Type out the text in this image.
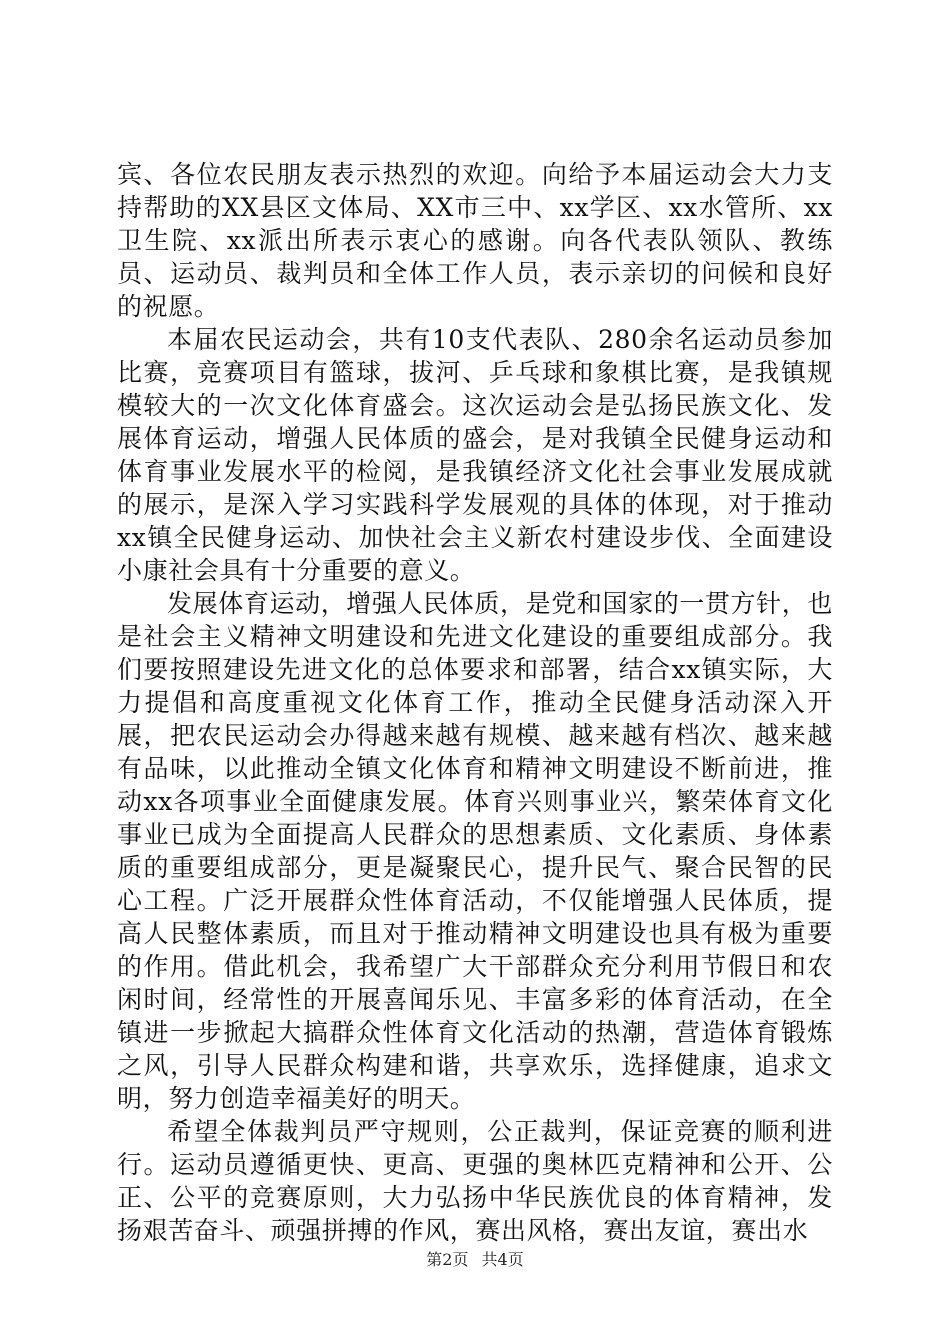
宾、各位农民朋友表示热烈的欢迎。向给予本届运动会大力支持帮助的XX县区文体局、XX市三中、xx学区、xx水管所、xx卫生院、xx派出所表示衷心的感谢。向各代表队领队、教练员、运动员、裁判员和全体工作人员，表示亲切的问候和良好的祝愿。

本届农民运动会，共有10支代表队、280余名运动员参加比赛，竞赛项目有篮球，拔河、乒乓球和象棋比赛，是我镇规模较大的一次文化体育盛会。这次运动会是弘扬民族文化、发展体育运动，增强人民体质的盛会，是对我镇全民健身运动和体育事业发展水平的检阅，是我镇经济文化社会事业发展成就的展示，是深入学习实践科学发展观的具体的体现，对于推动xx镇全民健身运动、加快社会主义新农村建设步伐、全面建设小康社会具有十分重要的意义。

发展体育运动，增强人民体质，是党和国家的一贯方针，也是社会主义精神文明建设和先进文化建设的重要组成部分。我们要按照建设先进文化的总体要求和部署，结合xx镇实际，大力提倡和高度重视文化体育工作，推动全民健身活动深入开展，把农民运动会办得越来越有规模、越来越有档次、越来越有品味，以此推动全镇文化体育和精神文明建设不断前进，推动xx各项事业全面健康发展。体育兴则事业兴，繁荣体育文化事业已成为全面提高人民群众的思想素质、文化素质、身体素质的重要组成部分，更是凝聚民心，提升民气、聚合民智的民心工程。广泛开展群众性体育活动，不仅能增强人民体质，提高人民整体素质，而且对于推动精神文明建设也具有极为重要的作用。借此机会，我希望广大干部群众充分利用节假日和农闲时间，经常性的开展喜闻乐见、丰富多彩的体育活动，在全镇进一步掀起大搞群众性体育文化活动的热潮，营造体育锻炼之风，引导人民群众构建和谐，共享欢乐，选择健康，追求文明，努力创造幸福美好的明天。

希望全体裁判员严守规则，公正裁判，保证竞赛的顺利进行。运动员遵循更快、更高、更强的奥林匹克精神和公开、公正、公平的竞赛原则，大力弘扬中华民族优良的体育精神，发扬艰苦奋斗、顽强拼搏的作风，赛出风格，赛出友谊，赛出水

第2页 共4页
